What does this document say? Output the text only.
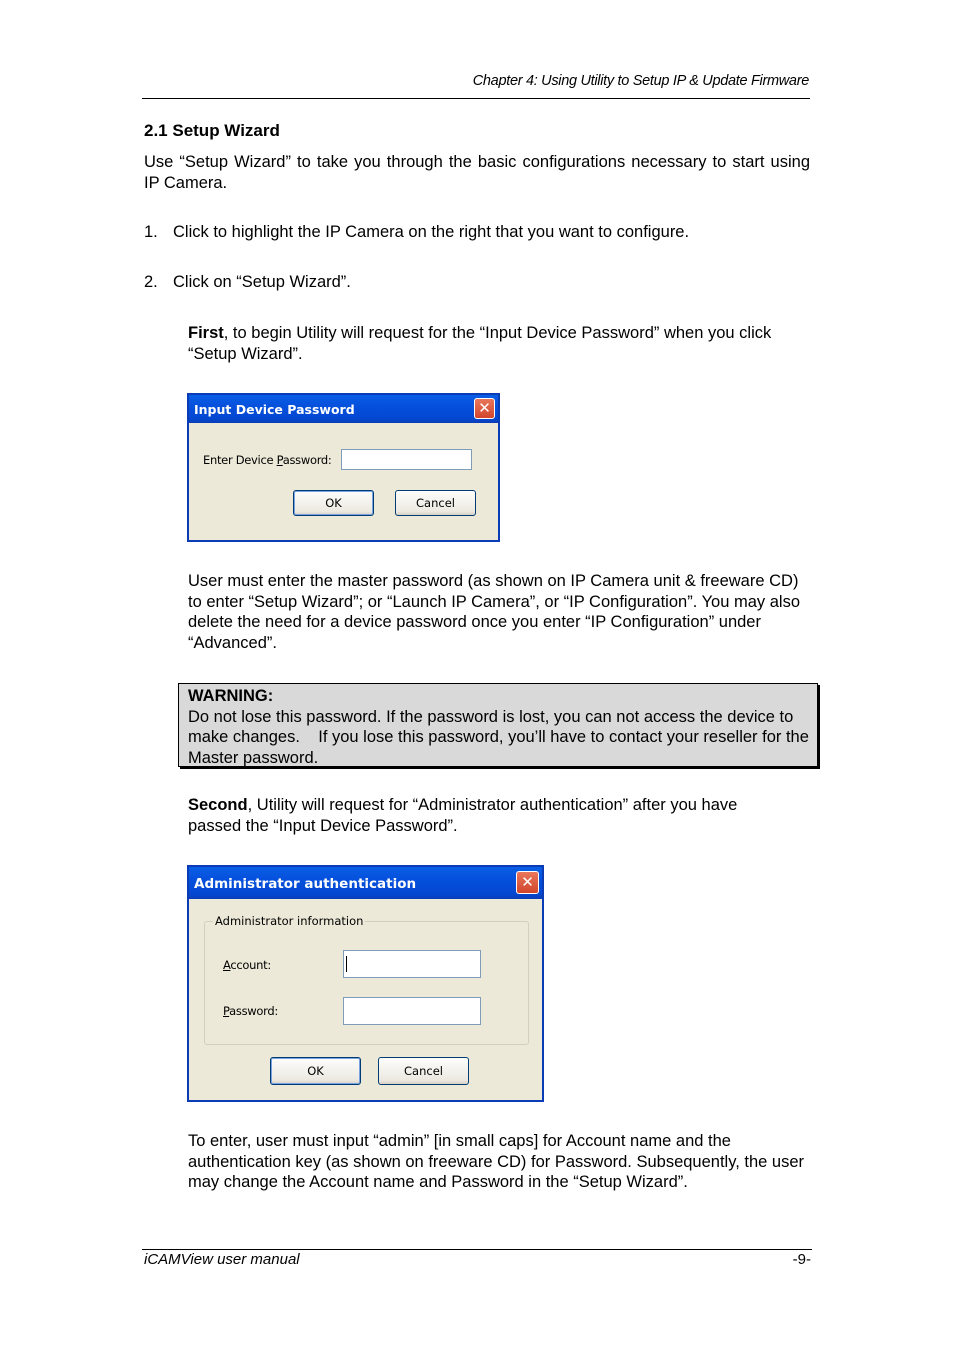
Chapter 4: Using Utility to Setup IP & Update Firmware
2.1 Setup Wizard
Use “Setup Wizard” to take you through the basic configurations necessary to start using IP Camera.
1. Click to highlight the IP Camera on the right that you want to configure.
2. Click on “Setup Wizard”.
First, to begin Utility will request for the “Input Device Password” when you click “Setup Wizard”.
Input Device Password	✕
Enter Device Password:
OK	Cancel
User must enter the master password (as shown on IP Camera unit & freeware CD) to enter “Setup Wizard”; or “Launch IP Camera”, or “IP Configuration”. You may also delete the need for a device password once you enter “IP Configuration” under “Advanced”.
WARNING:
Do not lose this password. If the password is lost, you can not access the device to make changes.    If you lose this password, you’ll have to contact your reseller for the Master password.
Second, Utility will request for “Administrator authentication” after you have passed the “Input Device Password”.
Administrator authentication	✕
Administrator information
Account:
Password:
OK	Cancel
To enter, user must input “admin” [in small caps] for Account name and the authentication key (as shown on freeware CD) for Password. Subsequently, the user may change the Account name and Password in the “Setup Wizard”.
iCAMView user manual	-9-
